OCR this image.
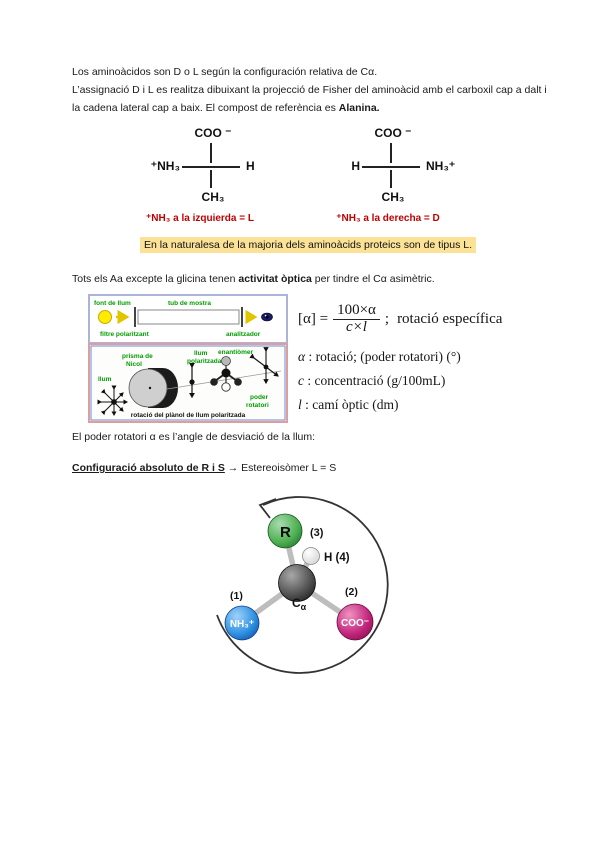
Los aminoàcidos son D o L según la configuración relativa de Cα.
L’assignació D i L es realitza dibuixant la projecció de Fisher del aminoàcid amb el carboxil cap a dalt i
la cadena lateral cap a baix. El compost de referència es Alanina.
COO ⁻
⁺NH₃	H
CH₃
COO ⁻
H	NH₃⁺
CH₃
⁺NH₃ a la izquierda = L	⁺NH₃ a la derecha = D
En la naturalesa de la majoria dels aminoàcids proteics son de tipus L.
Tots els Aa excepte la glicina tenen activitat òptica per tindre el Cα asimètric.
font de llum	tub de mostra
filtre polaritzant	analitzador
llum
prisma de
Nicol
llum
polaritzada
enantiòmer
poder
rotatori
rotació del plànol de llum polaritzada
$[\alpha] = \frac{100\times\alpha}{c\times l}$ ; rotació específica
α : rotació; (poder rotatori) (°)
c : concentració (g/100mL)
l : camí òptic (dm)
El poder rotatori α es l’angle de desviació de la llum:
Configuració absoluto de R i S → Estereoisòmer L = S
R (3)
H (4)
$C_\alpha$
(1)
NH₃⁺
(2)
COO⁻
